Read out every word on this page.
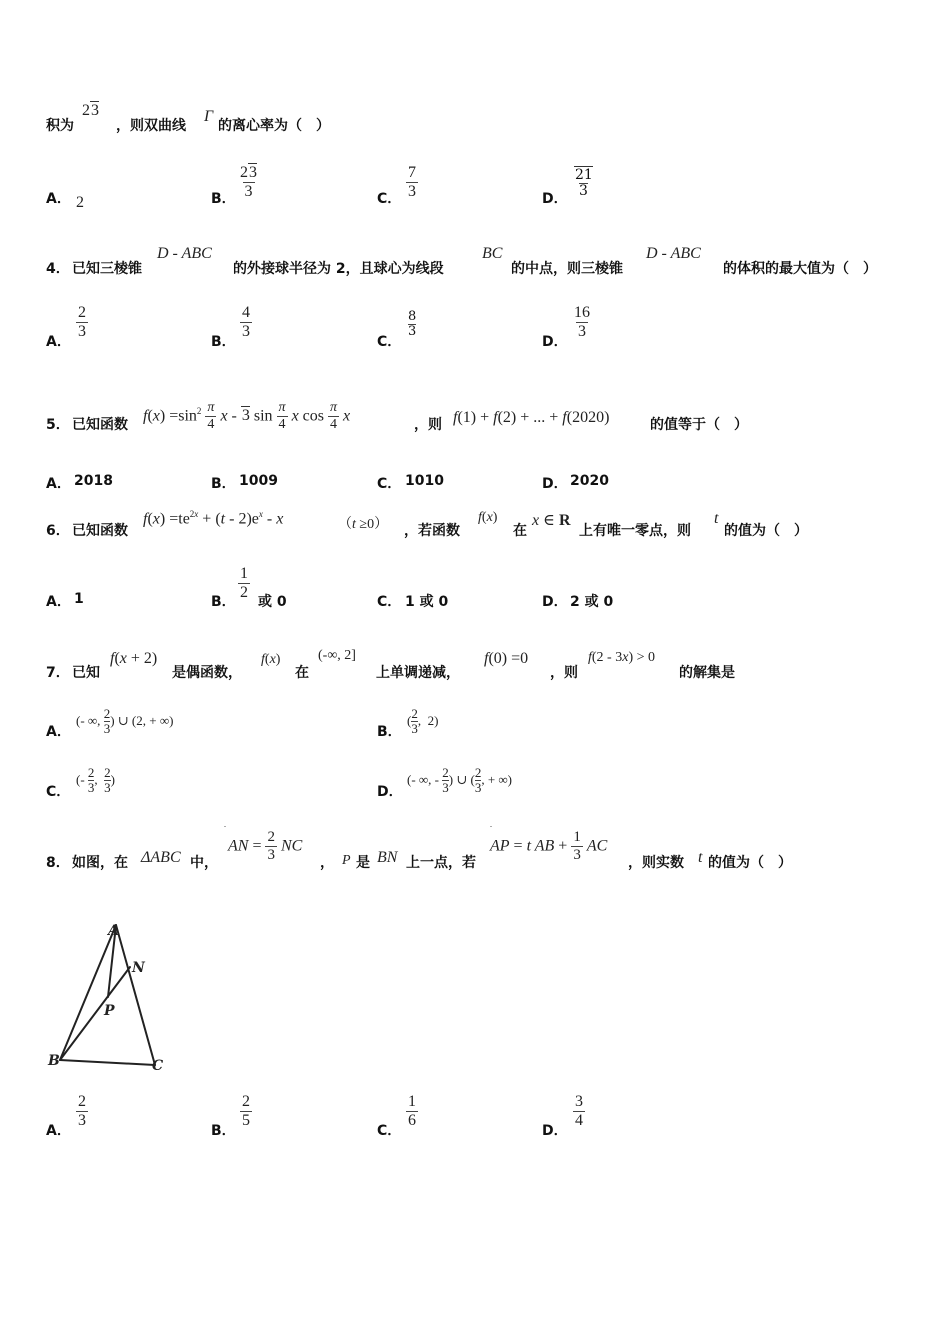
积为
23
，则双曲线
Γ
的离心率为（　）
A． 2	B． $\frac{23}{3}$	C． $\frac{7}{3}$	D． $\frac{21}{3}$
4． 已知三棱锥
D - ABC
的外接球半径为 2，且球心为线段
BC
的中点，则三棱锥
D - ABC
的体积的最大值为（　）
A．
$\frac{2}{3}$
B．
$\frac{4}{3}$
C．
$\frac{8}{3}$
D．
$\frac{16}{3}$
5． 已知函数
$f(x) =\sin^2 \frac{\pi}{4}$ x - 3 $\sin \frac{\pi}{4}$ x $\cos \frac{\pi}{4}$ x
，则 f(1) + f(2) + ... + f(2020)	的值等于（　）
A． 2018	B． 1009	C． 1010	D． 2020
6． 已知函数
$f(x) =te^{2x} + (t - 2)e^x - x$	（t ≥0） ，若函数
f(x)
在
x ∈ R
上有唯一零点，则
t
的值为（　）
A． 1	B． $\frac{1}{2}$ 或 0	C． 1 或 0	D． 2 或 0
7． 已知
f(x + 2)
是偶函数，
f(x)
在
(-∞, 2]
上单调递减，
f(0) =0
，则
f(2 - 3x) > 0
的解集是
A．
(- ∞, $\frac{2}{3}$ ) ∪ (2, + ∞)
B．
( $\frac{2}{3}$ ,  2)
C．
(- $\frac{2}{3}$ , $\frac{2}{3}$ )
D．
(- ∞, - $\frac{2}{3}$ ) ∪ ( $\frac{2}{3}$ , + ∞)
8． 如图，在 ΔABC 中，
.
AN = $\frac{2}{3}$ NC
， P 是 BN 上一点，若
.
AP = t AB + $\frac{1}{3}$ AC
，则实数 t 的值为（　）
A
N
P
B	C
A．
$\frac{2}{3}$
B．
$\frac{2}{5}$
C．
$\frac{1}{6}$
D．
$\frac{3}{4}$
